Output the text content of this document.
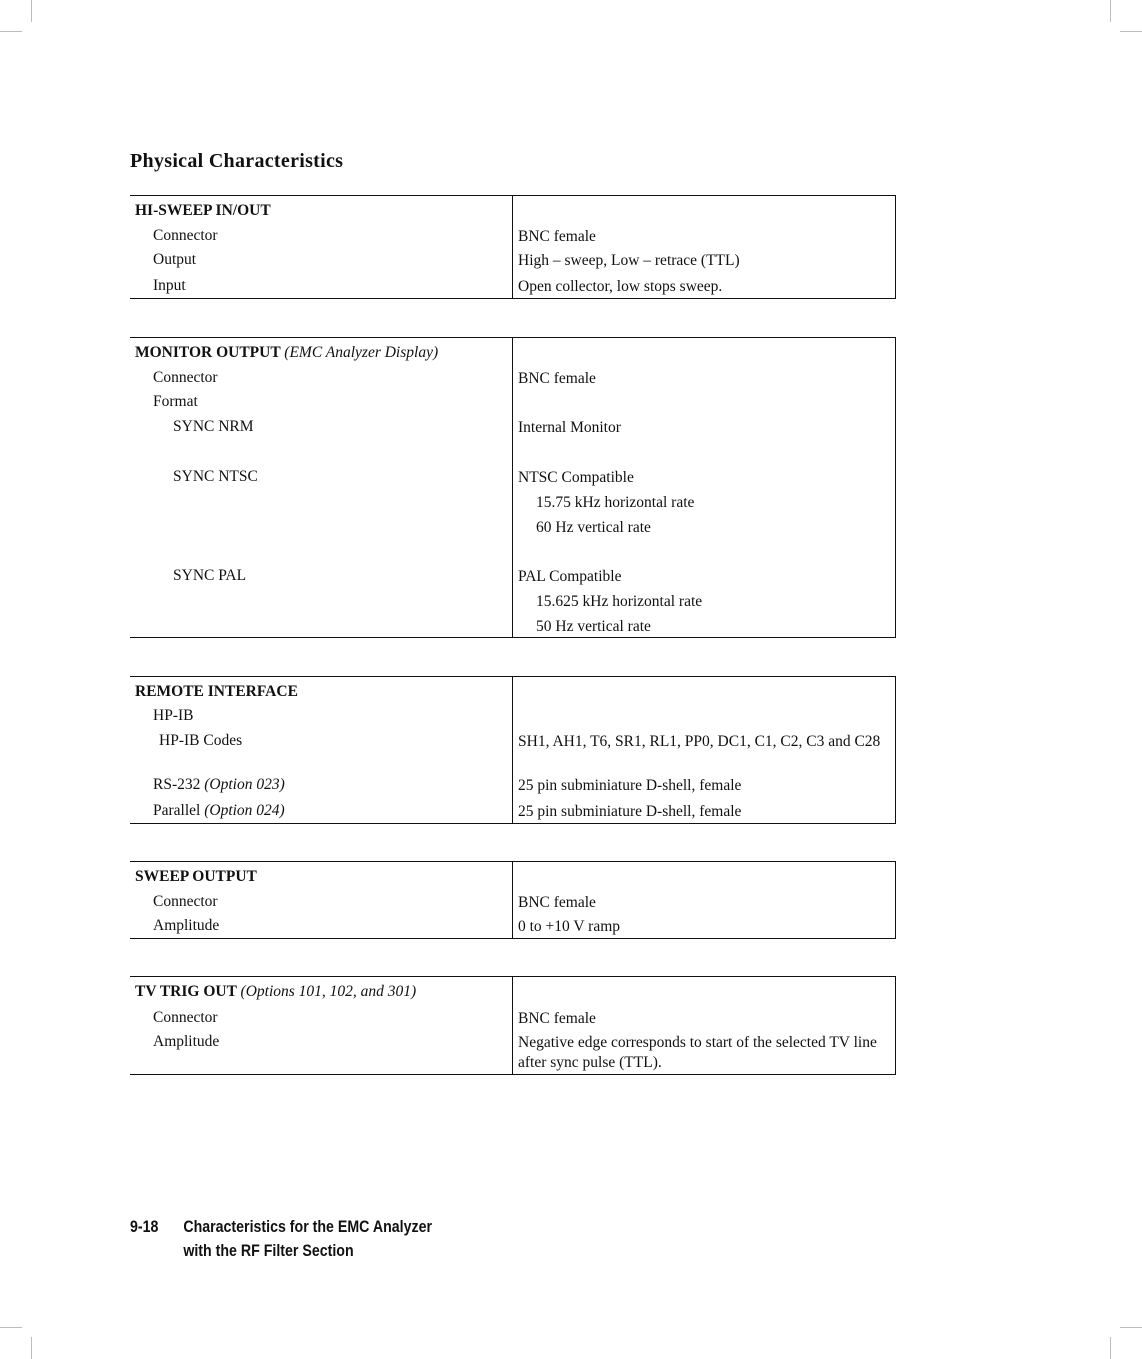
Physical Characteristics
HI-SWEEP IN/OUT
Connector	BNC female
Output	High – sweep, Low – retrace (TTL)
Input	Open collector, low stops sweep.
MONITOR OUTPUT (EMC Analyzer Display)
Connector	BNC female
Format
SYNC NRM	Internal Monitor
SYNC NTSC	NTSC Compatible
15.75 kHz horizontal rate
60 Hz vertical rate
SYNC PAL	PAL Compatible
15.625 kHz horizontal rate
50 Hz vertical rate
REMOTE INTERFACE
HP-IB
HP-IB Codes	SH1, AH1, T6, SR1, RL1, PP0, DC1, C1, C2, C3 and C28
RS-232 (Option 023)	25 pin subminiature D-shell, female
Parallel (Option 024)	25 pin subminiature D-shell, female
SWEEP OUTPUT
Connector	BNC female
Amplitude	0 to +10 V ramp
TV TRIG OUT (Options 101, 102, and 301)
Connector	BNC female
Amplitude	Negative edge corresponds to start of the selected TV line after sync pulse (TTL).
9-18 Characteristics for the EMC Analyzer
with the RF Filter Section
